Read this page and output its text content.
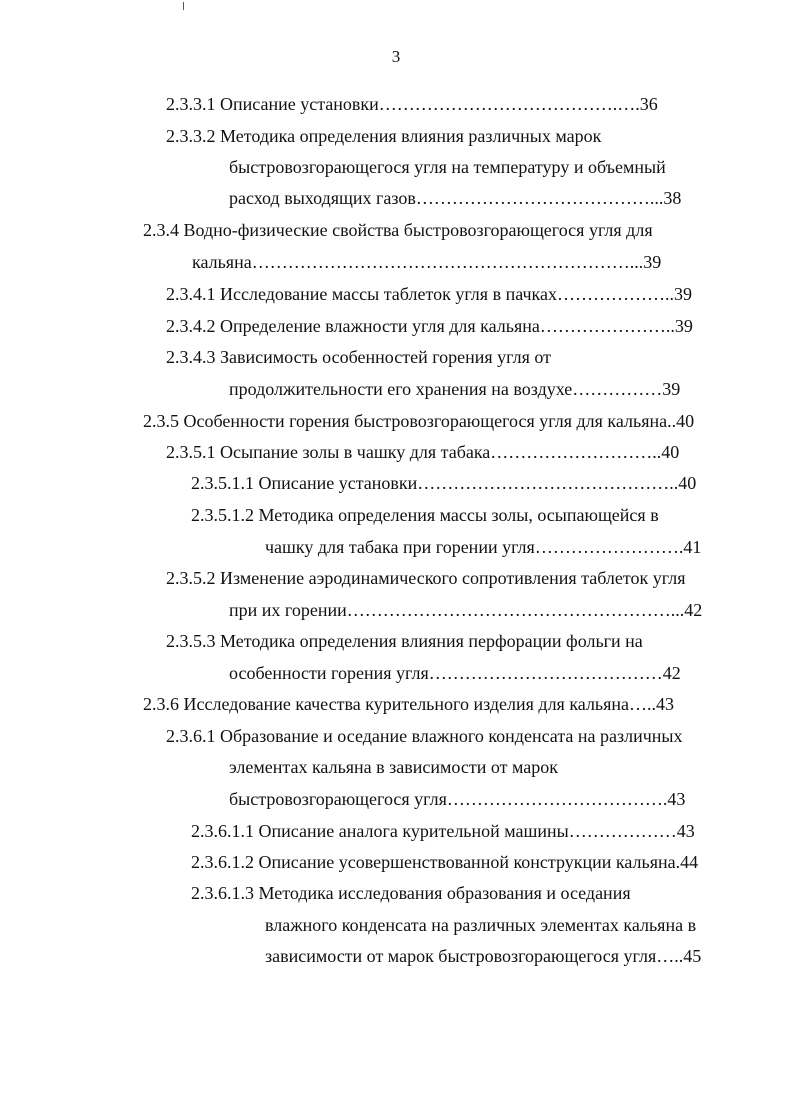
3
2.3.3.1 Описание установки………………………………….….36
2.3.3.2 Методика определения влияния различных марок
быстровозгорающегося угля на температуру и объемный
расход выходящих газов…………………………………...38
2.3.4 Водно-физические свойства быстровозгорающегося угля для
кальяна………………………………………………………...39
2.3.4.1 Исследование массы таблеток угля в пачках………………..39
2.3.4.2 Определение влажности угля для кальяна…………………..39
2.3.4.3 Зависимость особенностей горения угля от
продолжительности его хранения на воздухе……………39
2.3.5 Особенности горения быстровозгорающегося угля для кальяна..40
2.3.5.1 Осыпание золы в чашку для табака………………………..40
2.3.5.1.1 Описание установки……………………………………..40
2.3.5.1.2 Методика определения массы золы, осыпающейся в
чашку для табака при горении угля…………………….41
2.3.5.2 Изменение аэродинамического сопротивления таблеток угля
при их горении………………………………………………...42
2.3.5.3 Методика определения влияния перфорации фольги на
особенности горения угля…………………………………42
2.3.6 Исследование качества курительного изделия для кальяна…..43
2.3.6.1 Образование и оседание влажного конденсата на различных
элементах кальяна в зависимости от марок
быстровозгорающегося угля……………………………….43
2.3.6.1.1 Описание аналога курительной машины………………43
2.3.6.1.2 Описание усовершенствованной конструкции кальяна.44
2.3.6.1.3 Методика исследования образования и оседания
влажного конденсата на различных элементах кальяна в
зависимости от марок быстровозгорающегося угля…..45
